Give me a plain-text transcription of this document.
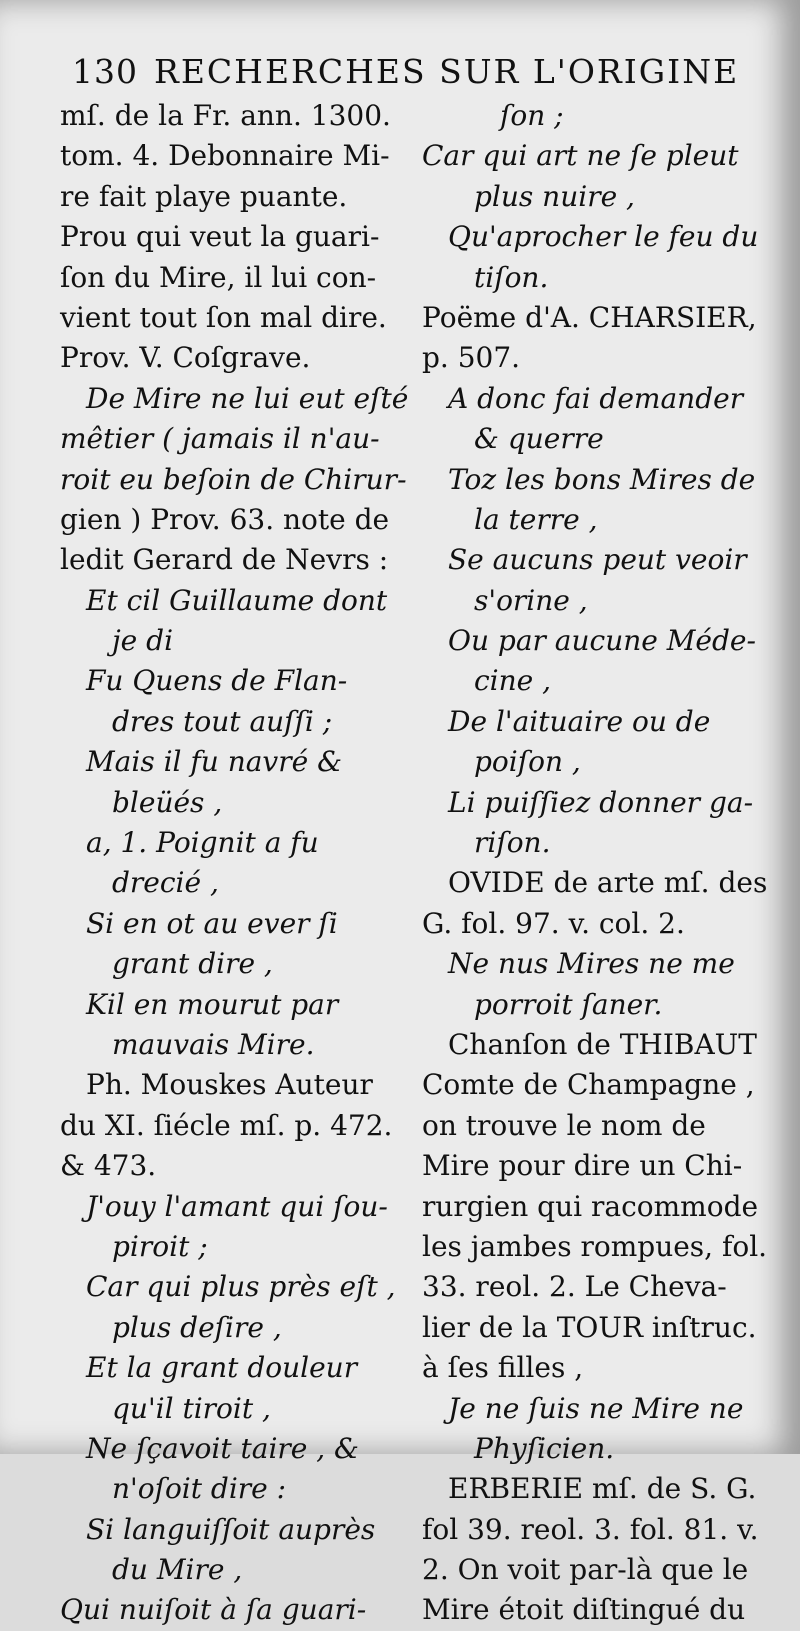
130 RECHERCHES SUR L'ORIGINE
mſ. de la Fr. ann. 1300.
tom. 4. Debonnaire Mi-
re fait playe puante.
Prou qui veut la guari-
ſon du Mire, il lui con-
vient tout ſon mal dire.
Prov. V. Coſgrave.
De Mire ne lui eut eſté
mêtier ( jamais il n'au-
roit eu beſoin de Chirur-
gien ) Prov. 63. note de
ledit Gerard de Nevrs :
Et cil Guillaume dont
je di
Fu Quens de Flan-
dres tout auſſi ;
Mais il fu navré &
bleüés ,
a, 1. Poignit a fu
drecié ,
Si en ot au ever ſi
grant dire ,
Kil en mourut par
mauvais Mire.
Ph. Mouskes Auteur
du XI. ſiécle mſ. p. 472.
& 473.
J'ouy l'amant qui ſou-
piroit ;
Car qui plus près eſt ,
plus deſire ,
Et la grant douleur
qu'il tiroit ,
Ne ſçavoit taire , &
n'oſoit dire :
Si languiſſoit auprès
du Mire ,
Qui nuiſoit à ſa guari-
ſon ;
Car qui art ne ſe pleut
plus nuire ,
Qu'aprocher le feu du
tiſon.
Poëme d'A. CHARSIER,
p. 507.
A donc fai demander
& querre
Toz les bons Mires de
la terre ,
Se aucuns peut veoir
s'orine ,
Ou par aucune Méde-
cine ,
De l'aituaire ou de
poiſon ,
Li puiſſiez donner ga-
riſon.
OVIDE de arte mſ. des
G. fol. 97. v. col. 2.
Ne nus Mires ne me
porroit ſaner.
Chanſon de THIBAUT
Comte de Champagne ,
on trouve le nom de
Mire pour dire un Chi-
rurgien qui racommode
les jambes rompues, fol.
33. reol. 2. Le Cheva-
lier de la TOUR inſtruc.
à ſes filles ,
Je ne ſuis ne Mire ne
Phyſicien.
ERBERIE mſ. de S. G.
fol 39. reol. 3. fol. 81. v.
2. On voit par-là que le
Mire étoit diſtingué du
